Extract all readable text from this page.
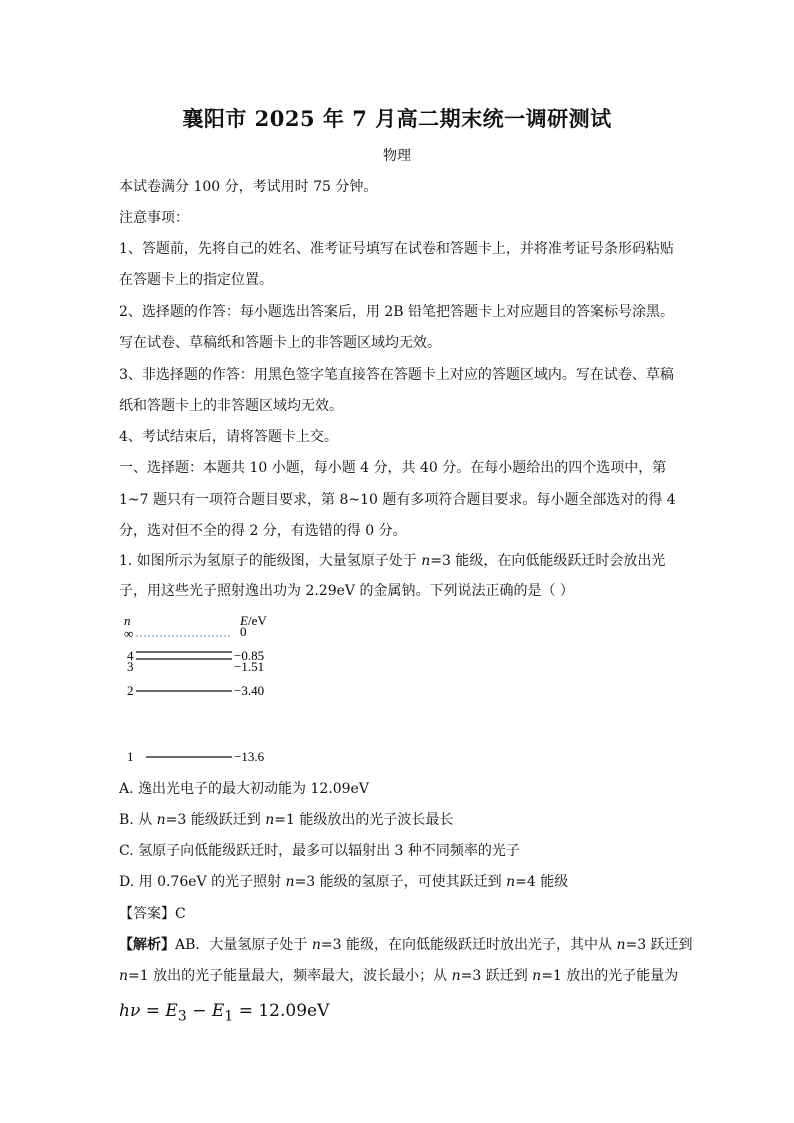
襄阳市 2025 年 7 月高二期末统一调研测试
物理
本试卷满分 100 分，考试用时 75 分钟。
注意事项：
1、答题前，先将自己的姓名、准考证号填写在试卷和答题卡上，并将准考证号条形码粘贴
在答题卡上的指定位置。
2、选择题的作答：每小题选出答案后，用 2B 铅笔把答题卡上对应题目的答案标号涂黑。
写在试卷、草稿纸和答题卡上的非答题区域均无效。
3、非选择题的作答：用黑色签字笔直接答在答题卡上对应的答题区域内。写在试卷、草稿
纸和答题卡上的非答题区域均无效。
4、考试结束后，请将答题卡上交。
一、选择题：本题共 10 小题，每小题 4 分，共 40 分。在每小题给出的四个选项中，第
1~7 题只有一项符合题目要求，第 8~10 题有多项符合题目要求。每小题全部选对的得 4
分，选对但不全的得 2 分，有选错的得 0 分。
1. 如图所示为氢原子的能级图，大量氢原子处于 n=3 能级，在向低能级跃迁时会放出光
子，用这些光子照射逸出功为 2.29eV 的金属钠。下列说法正确的是（ ）
n	E/eV
∞	0
4	−0.85
3	−1.51
2	−3.40
1	−13.6
A. 逸出光电子的最大初动能为 12.09eV
B. 从 n=3 能级跃迁到 n=1 能级放出的光子波长最长
C. 氢原子向低能级跃迁时，最多可以辐射出 3 种不同频率的光子
D. 用 0.76eV 的光子照射 n=3 能级的氢原子，可使其跃迁到 n=4 能级
【答案】C
【解析】AB．大量氢原子处于 n=3 能级，在向低能级跃迁时放出光子，其中从 n=3 跃迁到
n=1 放出的光子能量最大，频率最大，波长最小；从 n=3 跃迁到 n=1 放出的光子能量为
$h\nu = E_3 - E_1 = 12.09eV$
